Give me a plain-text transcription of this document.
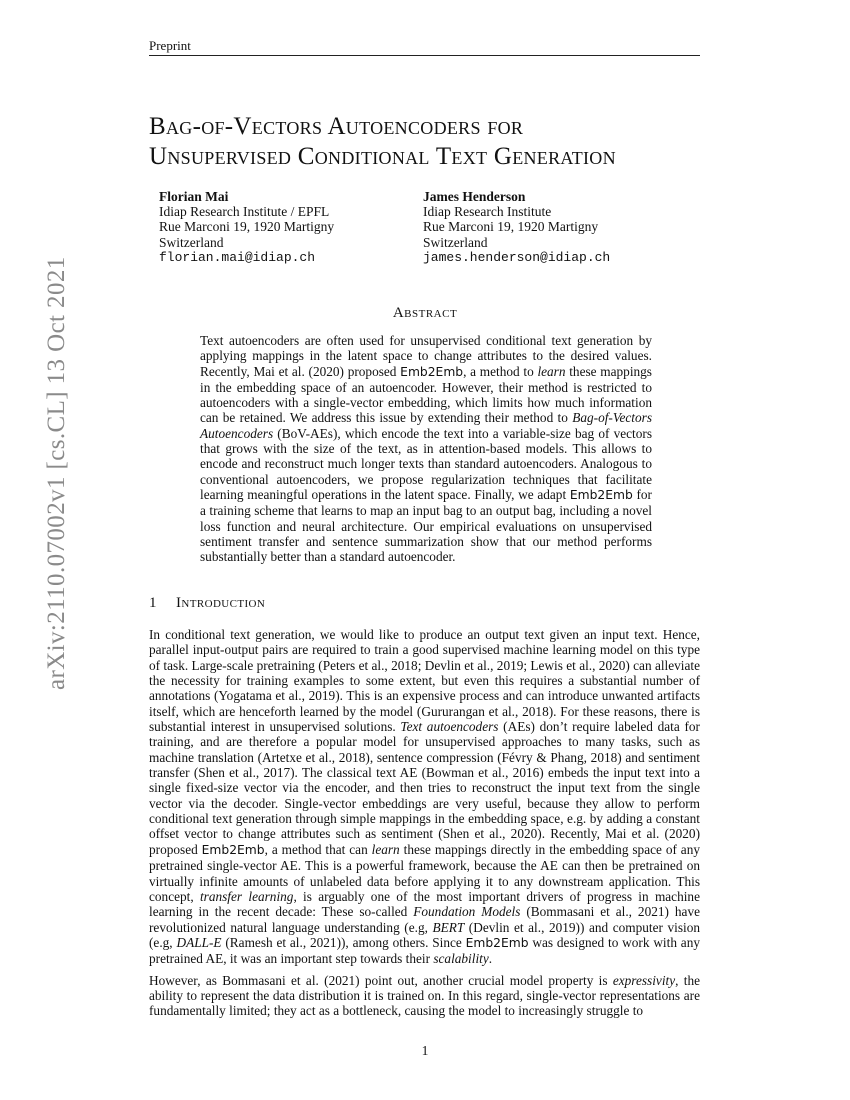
Preprint
arXiv:2110.07002v1 [cs.CL] 13 Oct 2021
Bag-of-Vectors Autoencoders for
Unsupervised Conditional Text Generation
Florian Mai
Idiap Research Institute / EPFL
Rue Marconi 19, 1920 Martigny
Switzerland
florian.mai@idiap.ch
James Henderson
Idiap Research Institute
Rue Marconi 19, 1920 Martigny
Switzerland
james.henderson@idiap.ch
Abstract
Text autoencoders are often used for unsupervised conditional text generation by applying mappings in the latent space to change attributes to the desired values. Recently, Mai et al. (2020) proposed Emb2Emb, a method to learn these mappings in the embedding space of an autoencoder. However, their method is restricted to autoencoders with a single-vector embedding, which limits how much information can be retained. We address this issue by extending their method to Bag-of-Vectors Autoencoders (BoV-AEs), which encode the text into a variable-size bag of vectors that grows with the size of the text, as in attention-based models. This allows to encode and reconstruct much longer texts than standard autoencoders. Analogous to conventional autoencoders, we propose regularization techniques that facilitate learning meaningful operations in the latent space. Finally, we adapt Emb2Emb for a training scheme that learns to map an input bag to an output bag, including a novel loss function and neural architecture. Our empirical evaluations on unsupervised sentiment transfer and sentence summarization show that our method performs substantially better than a standard autoencoder.
1 Introduction

In conditional text generation, we would like to produce an output text given an input text. Hence, parallel input-output pairs are required to train a good supervised machine learning model on this type of task. Large-scale pretraining (Peters et al., 2018; Devlin et al., 2019; Lewis et al., 2020) can alleviate the necessity for training examples to some extent, but even this requires a substantial number of annotations (Yogatama et al., 2019). This is an expensive process and can introduce unwanted artifacts itself, which are henceforth learned by the model (Gururangan et al., 2018). For these reasons, there is substantial interest in unsupervised solutions. Text autoencoders (AEs) don’t require labeled data for training, and are therefore a popular model for unsupervised approaches to many tasks, such as machine translation (Artetxe et al., 2018), sentence compression (Févry & Phang, 2018) and sentiment transfer (Shen et al., 2017). The classical text AE (Bowman et al., 2016) embeds the input text into a single fixed-size vector via the encoder, and then tries to reconstruct the input text from the single vector via the decoder. Single-vector embeddings are very useful, because they allow to perform conditional text generation through simple mappings in the embedding space, e.g. by adding a constant offset vector to change attributes such as sentiment (Shen et al., 2020). Recently, Mai et al. (2020) proposed Emb2Emb, a method that can learn these mappings directly in the embedding space of any pretrained single-vector AE. This is a powerful framework, because the AE can then be pretrained on virtually infinite amounts of unlabeled data before applying it to any downstream application. This concept, transfer learning, is arguably one of the most important drivers of progress in machine learning in the recent decade: These so-called Foundation Models (Bommasani et al., 2021) have revolutionized natural language understanding (e.g, BERT (Devlin et al., 2019)) and computer vision (e.g, DALL-E (Ramesh et al., 2021)), among others. Since Emb2Emb was designed to work with any pretrained AE, it was an important step towards their scalability.

However, as Bommasani et al. (2021) point out, another crucial model property is expressivity, the ability to represent the data distribution it is trained on. In this regard, single-vector representations are fundamentally limited; they act as a bottleneck, causing the model to increasingly struggle to

1
